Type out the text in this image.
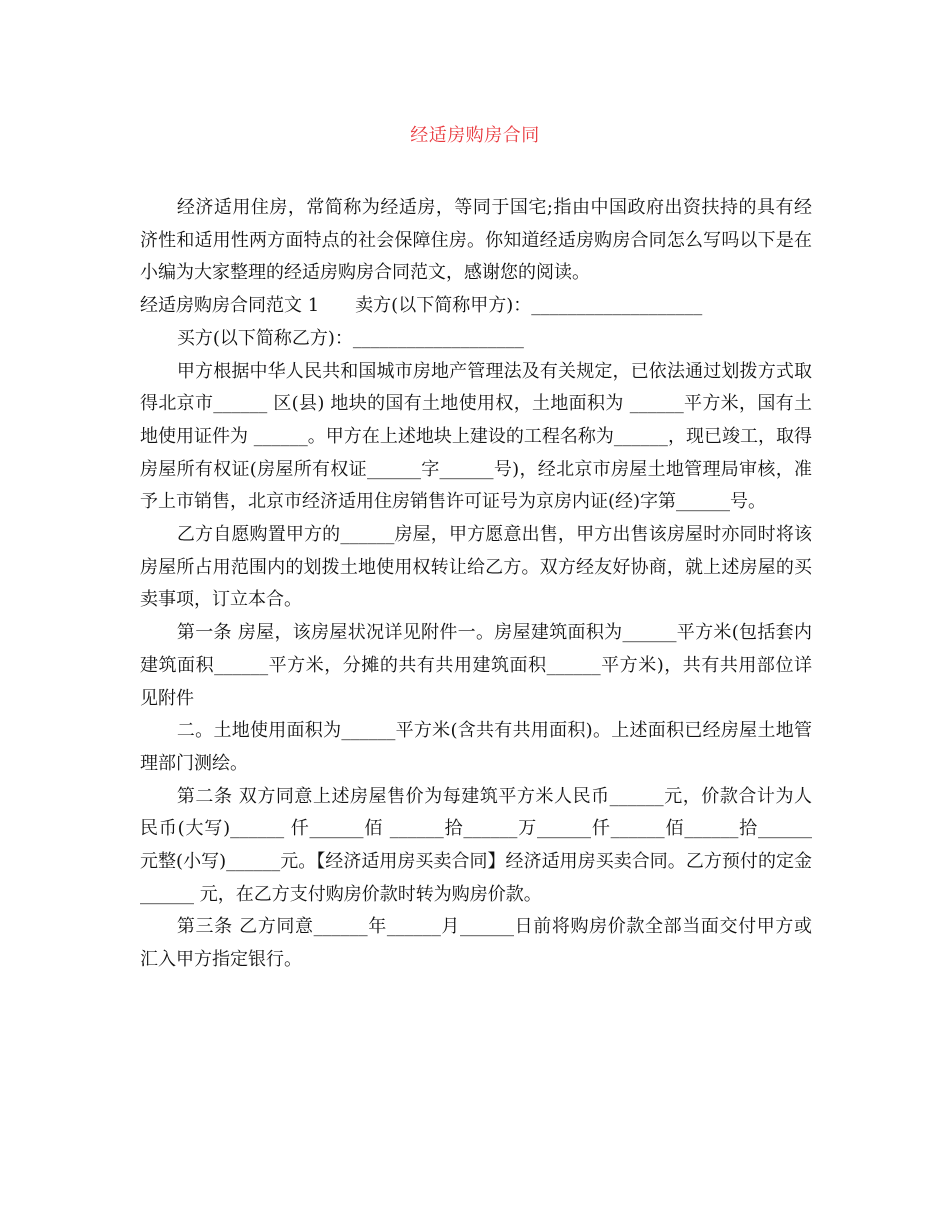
经适房购房合同

经济适用住房，常简称为经适房，等同于国宅;指由中国政府出资扶持的具有经济性和适用性两方面特点的社会保障住房。你知道经适房购房合同怎么写吗以下是在小编为大家整理的经适房购房合同范文，感谢您的阅读。

经适房购房合同范文 1　　卖方(以下简称甲方)：___________________

买方(以下简称乙方)：___________________

甲方根据中华人民共和国城市房地产管理法及有关规定，已依法通过划拨方式取得北京市______ 区(县) 地块的国有土地使用权，土地面积为 ______平方米，国有土地使用证件为 ______。甲方在上述地块上建设的工程名称为______，现已竣工，取得房屋所有权证(房屋所有权证______字______号)，经北京市房屋土地管理局审核，准予上市销售，北京市经济适用住房销售许可证号为京房内证(经)字第______号。

乙方自愿购置甲方的______房屋，甲方愿意出售，甲方出售该房屋时亦同时将该房屋所占用范围内的划拨土地使用权转让给乙方。双方经友好协商，就上述房屋的买卖事项，订立本合。

第一条 房屋，该房屋状况详见附件一。房屋建筑面积为______平方米(包括套内建筑面积______平方米，分摊的共有共用建筑面积______平方米)，共有共用部位详见附件

二。土地使用面积为______平方米(含共有共用面积)。上述面积已经房屋土地管理部门测绘。

第二条 双方同意上述房屋售价为每建筑平方米人民币______元，价款合计为人民币(大写)______ 仟______佰 ______拾______万______仟______佰______拾______元整(小写)______元。【经济适用房买卖合同】经济适用房买卖合同。乙方预付的定金______ 元，在乙方支付购房价款时转为购房价款。

第三条 乙方同意______年______月______日前将购房价款全部当面交付甲方或汇入甲方指定银行。
